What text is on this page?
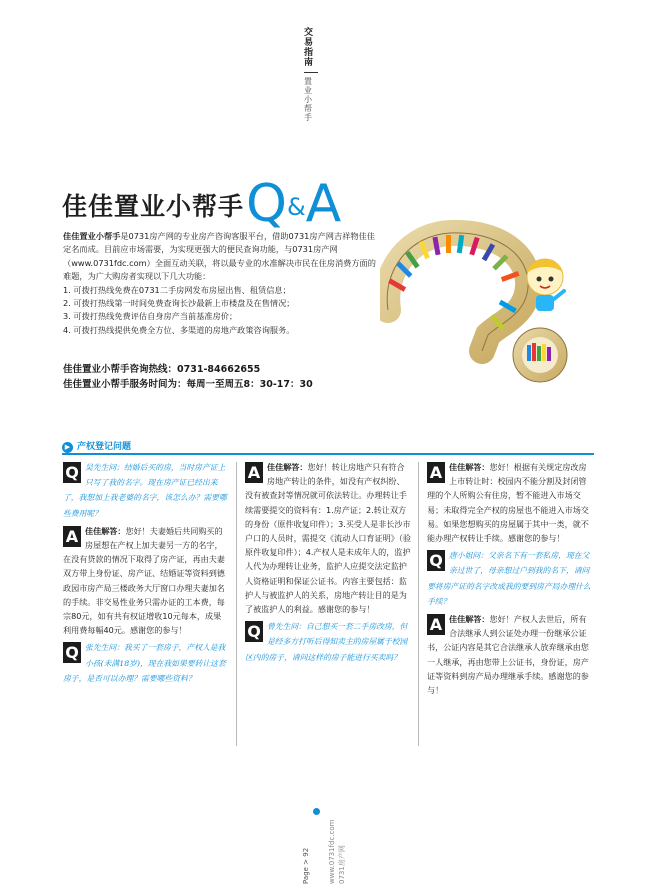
交易指南
置业小帮手
佳佳置业小帮手 Q & A

佳佳置业小帮手是0731房产网的专业房产咨询客服平台，借助0731房产网吉祥物佳佳定名而成。目前应市场需要，为实现更强大的便民查询功能，与0731房产网（www.0731fdc.com）全面互动关联，将以最专业的水准解决市民在住房消费方面的难题，为广大购房者实现以下几大功能：

1. 可拨打热线免费在0731二手房网发布房屋出售、租赁信息；

2. 可拨打热线第一时间免费查询长沙最新上市楼盘及在售情况；

3. 可拨打热线免费评估自身房产当前基准房价；

4. 可拨打热线提供免费全方位、多渠道的房地产政策咨询服务。

佳佳置业小帮手咨询热线：0731-84662655

佳佳置业小帮手服务时间为：每周一至周五8：30-17：30

▶ 产权登记问题
Q 吴先生问：结婚后买的房，当时房产证上只写了我的名字。现在房产证已经出来了，我想加上我老婆的名字，该怎么办？需要哪些费用呢？
A 佳佳解答：您好！夫妻婚后共同购买的房屋想在产权上加夫妻另一方的名字，在没有贷款的情况下取得了房产证，再由夫妻双方带上身份证、房产证、结婚证等资料到德政园市房产局三楼政务大厅窗口办理夫妻加名的手续。非交易性业务只需办证的工本费，每宗80元，如有共有权证增收10元每本，成果利用费每幅40元。感谢您的参与！
Q 张先生问：我买了一套房子，产权人是我小孩(未满18岁)，现在我如果要转让这套房子，是否可以办理？需要哪些资料？
A 佳佳解答：您好！转让房地产只有符合房地产转让的条件，如没有产权纠纷、没有被查封等情况就可依法转让。办理转让手续需要提交的资料有：1.房产证；2.转让双方的身份（原件收复印件）；3.买受人是非长沙市户口的人员时，需提交《流动人口育证明》（验原件收复印件）；4.产权人是未成年人的，监护人代为办理转让业务，监护人应提交法定监护人资格证明和保证公证书。内容主要包括：监护人与被监护人的关系，房地产转让目的是为了被监护人的利益。感谢您的参与！
Q 曾先生问：自己想买一套二手房改房，但是经多方打听后得知卖主的房屋属于校园区内的房子，请问这样的房子能进行买卖吗？
A 佳佳解答：您好！根据有关规定房改房上市转让时：校园内不能分割及封闭管理的个人所购公有住房，暂不能进入市场交易；未取得完全产权的房屋也不能进入市场交易。如果您想购买的房屋属于其中一类，就不能办理产权转让手续。感谢您的参与！
Q 唐小姐问：父亲名下有一套私房，现在父亲过世了，母亲想过户到我的名下，请问要将房产证的名字改成我的要到房产局办理什么手续？
A 佳佳解答：您好！产权人去世后，所有合法继承人到公证处办理一份继承公证书，公证内容是其它合法继承人放弃继承由您一人继承，再由您带上公证书，身份证，房产证等资料到房产局办理继承手续。感谢您的参与！
Page > 92	www.0731fdc.com 0731房产网
